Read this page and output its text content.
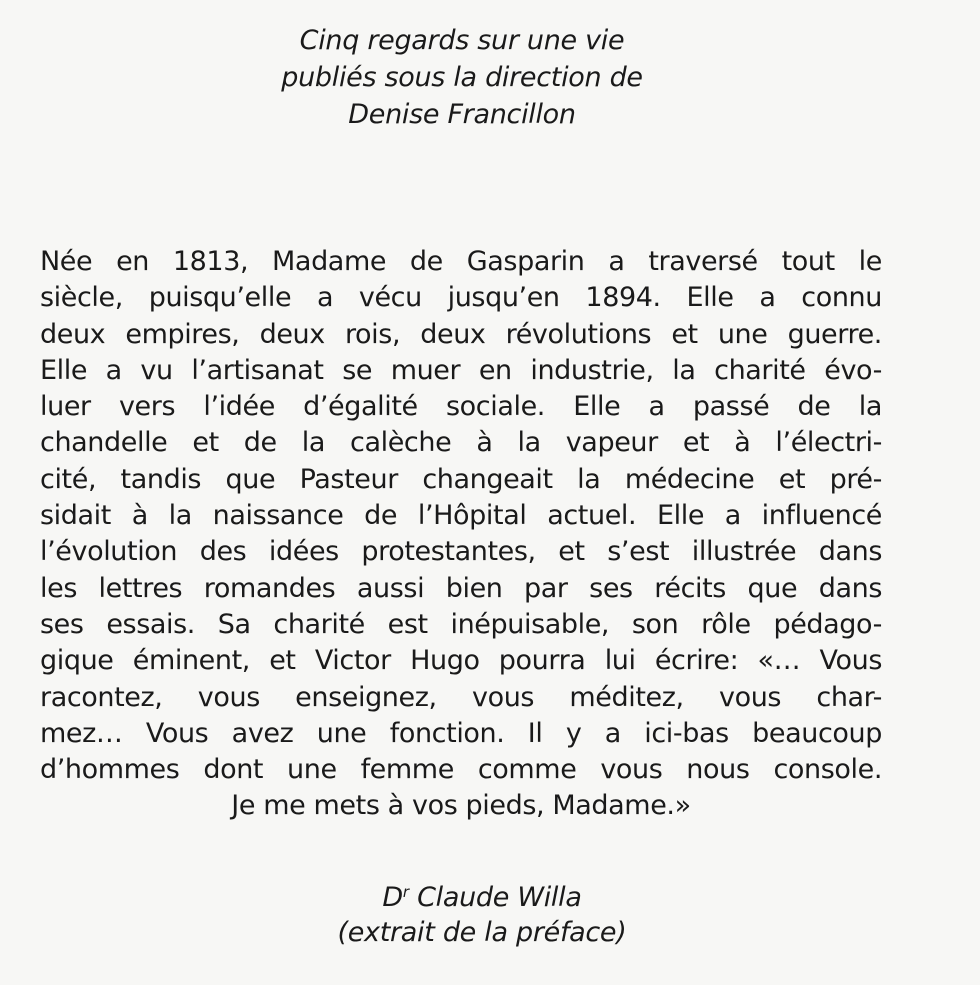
Cinq regards sur une vie
publiés sous la direction de
Denise Francillon
Née en 1813, Madame de Gasparin a traversé tout le
siècle, puisqu’elle a vécu jusqu’en 1894. Elle a connu
deux empires, deux rois, deux révolutions et une guerre.
Elle a vu l’artisanat se muer en industrie, la charité évo-
luer vers l’idée d’égalité sociale. Elle a passé de la
chandelle et de la calèche à la vapeur et à l’électri-
cité, tandis que Pasteur changeait la médecine et pré-
sidait à la naissance de l’Hôpital actuel. Elle a influencé
l’évolution des idées protestantes, et s’est illustrée dans
les lettres romandes aussi bien par ses récits que dans
ses essais. Sa charité est inépuisable, son rôle pédago-
gique éminent, et Victor Hugo pourra lui écrire: «… Vous
racontez, vous enseignez, vous méditez, vous char-
mez… Vous avez une fonction. Il y a ici-bas beaucoup
d’hommes dont une femme comme vous nous console.
Je me mets à vos pieds, Madame.»
$D^r$ Claude Willa
(extrait de la préface)
